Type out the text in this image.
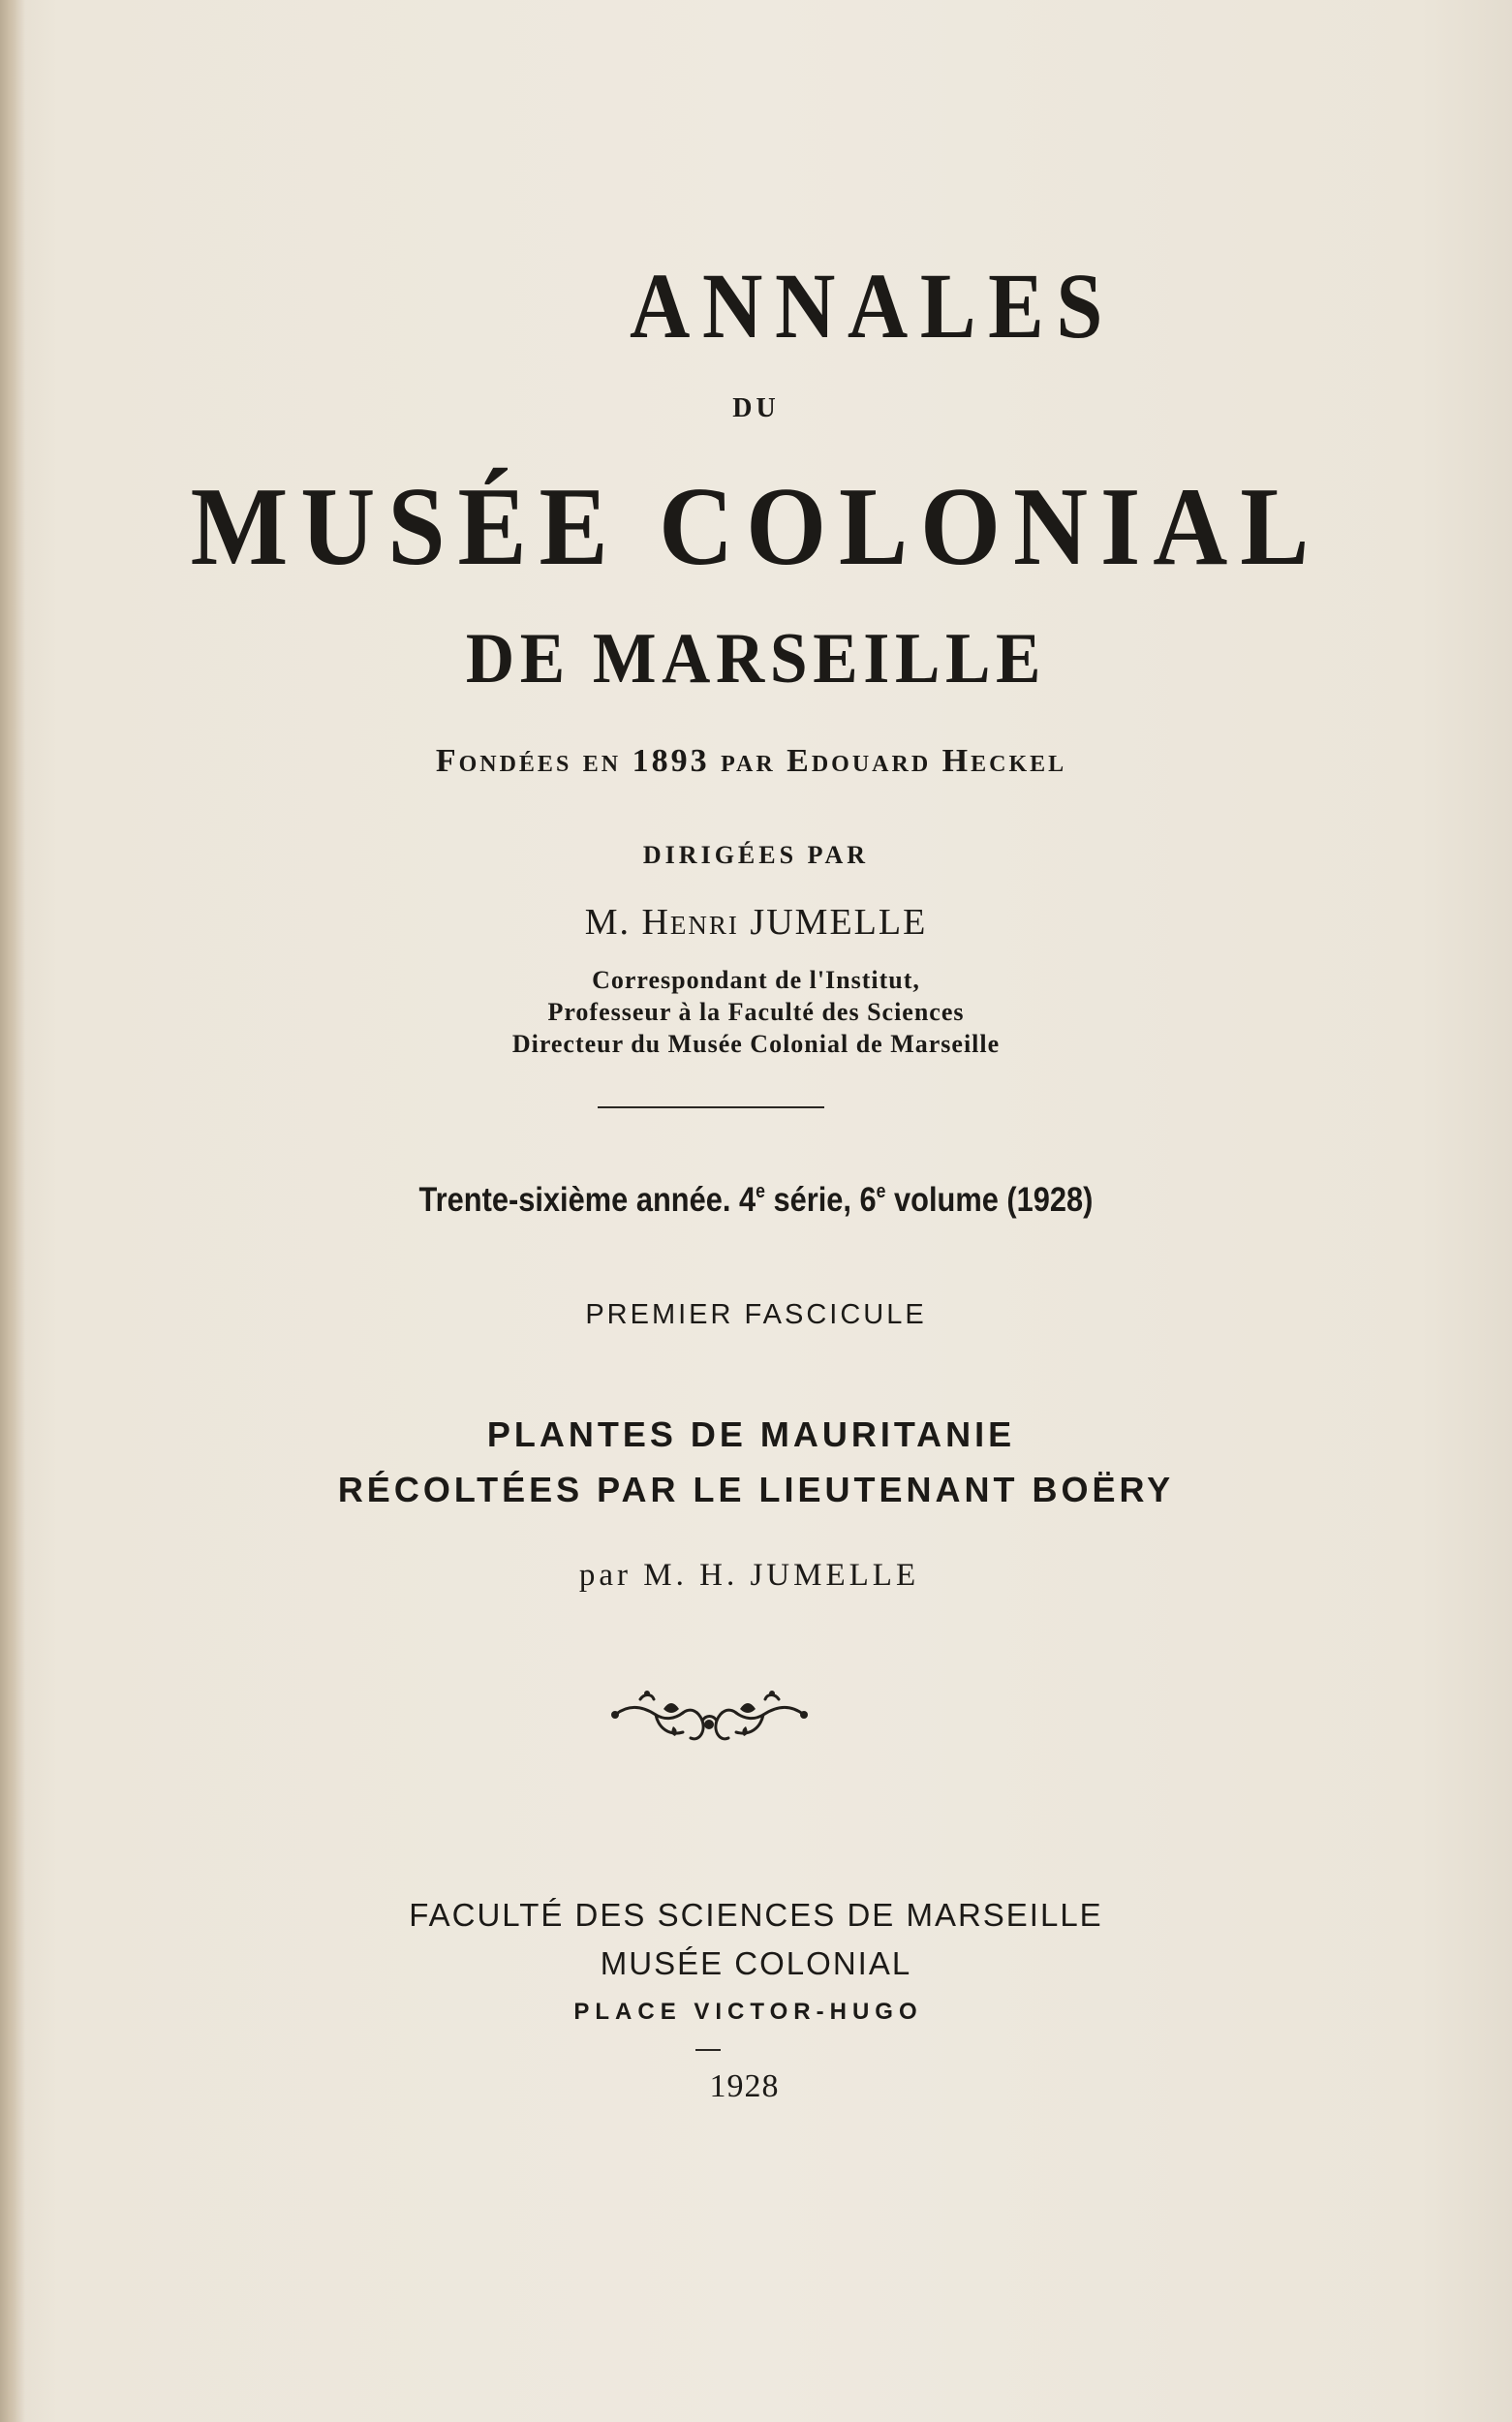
ANNALES
DU
MUSÉE COLONIAL
DE MARSEILLE
Fondées en 1893 par Edouard Heckel
DIRIGÉES PAR
M. Henri JUMELLE
Correspondant de l'Institut,
Professeur à la Faculté des Sciences
Directeur du Musée Colonial de Marseille
Trente-sixième année. 4e série, 6e volume (1928)
PREMIER FASCICULE
PLANTES DE MAURITANIE
RÉCOLTÉES PAR LE LIEUTENANT BOËRY
par M. H. JUMELLE
FACULTÉ DES SCIENCES DE MARSEILLE
MUSÉE COLONIAL
PLACE VICTOR-HUGO
1928
